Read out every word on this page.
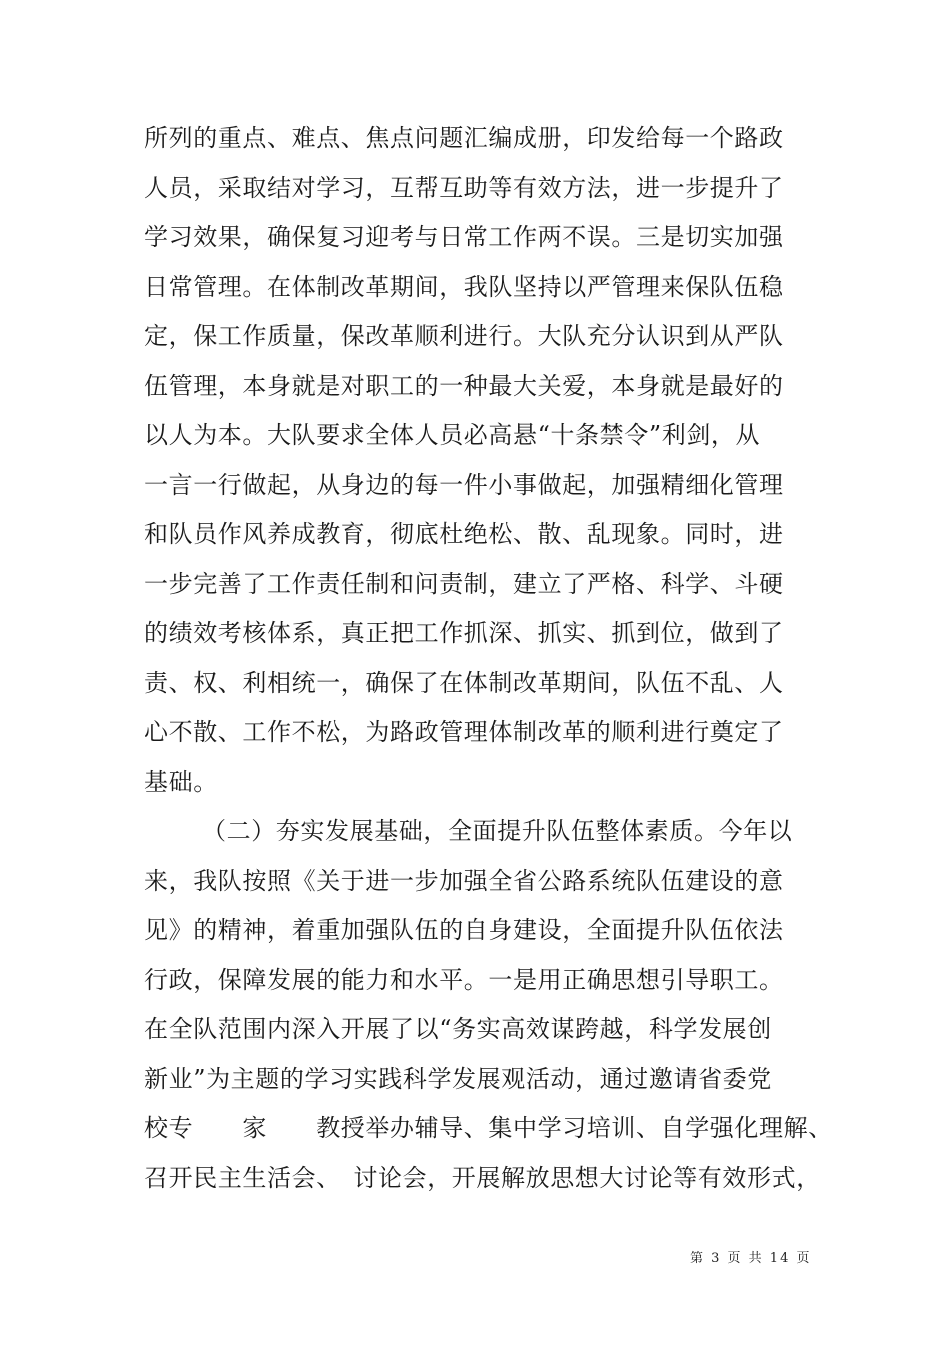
所列的重点、难点、焦点问题汇编成册，印发给每一个路政
人员，采取结对学习，互帮互助等有效方法，进一步提升了
学习效果，确保复习迎考与日常工作两不误。三是切实加强
日常管理。在体制改革期间，我队坚持以严管理来保队伍稳
定，保工作质量，保改革顺利进行。大队充分认识到从严队
伍管理，本身就是对职工的一种最大关爱，本身就是最好的
以人为本。大队要求全体人员必高悬“十条禁令”利剑，从
一言一行做起，从身边的每一件小事做起，加强精细化管理
和队员作风养成教育，彻底杜绝松、散、乱现象。同时，进
一步完善了工作责任制和问责制，建立了严格、科学、斗硬
的绩效考核体系，真正把工作抓深、抓实、抓到位，做到了
责、权、利相统一，确保了在体制改革期间，队伍不乱、人
心不散、工作不松，为路政管理体制改革的顺利进行奠定了
基础。
（二）夯实发展基础，全面提升队伍整体素质。今年以
来，我队按照《关于进一步加强全省公路系统队伍建设的意
见》的精神，着重加强队伍的自身建设，全面提升队伍依法
行政，保障发展的能力和水平。一是用正确思想引导职工。
在全队范围内深入开展了以“务实高效谋跨越，科学发展创
新业”为主题的学习实践科学发展观活动，通过邀请省委党
校专　　家　　教授举办辅导、集中学习培训、自学强化理解、
召开民主生活会、　讨论会，开展解放思想大讨论等有效形式，
第 3 页 共 14 页
